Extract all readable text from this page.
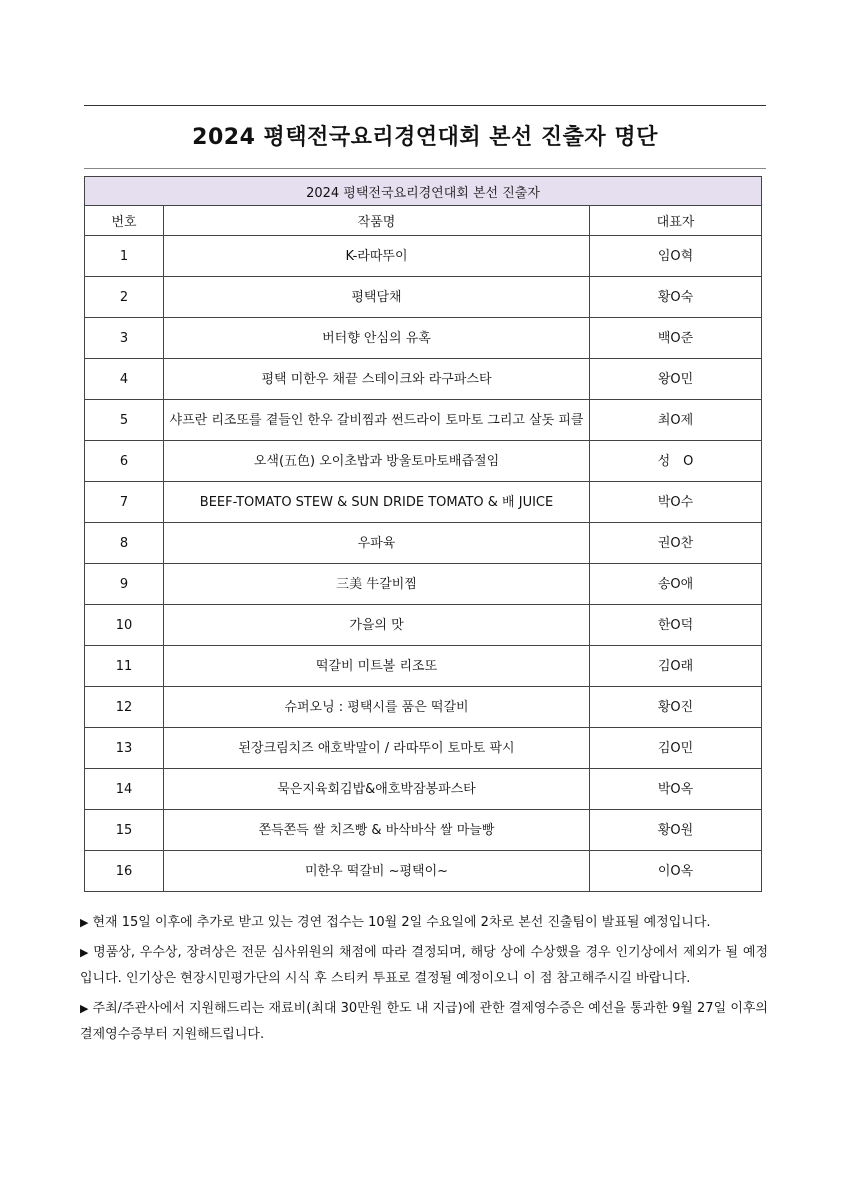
2024 평택전국요리경연대회 본선 진출자 명단
2024 평택전국요리경연대회 본선 진출자		
번호	작품명	대표자
1	K-라따뚜이	임O혁
2	평택담채	황O숙
3	버터향 안심의 유혹	백O준
4	평택 미한우 채끝 스테이크와 라구파스타	왕O민
5	샤프란 리조또를 곁들인 한우 갈비찜과 썬드라이 토마토 그리고 살돗 피클	최O제
6	오색(五色) 오이초밥과 방울토마토배즙절임	성　O
7	BEEF-TOMATO STEW & SUN DRIDE TOMATO & 배 JUICE	박O수
8	우파육	권O찬
9	三美 牛갈비찜	송O애
10	가을의 맛	한O덕
11	떡갈비 미트볼 리조또	김O래
12	슈퍼오닝 : 평택시를 품은 떡갈비	황O진
13	된장크림치즈 애호박말이 / 라따뚜이 토마토 팍시	김O민
14	묵은지육회김밥&애호박잠봉파스타	박O옥
15	쫀득쫀득 쌀 치즈빵 & 바삭바삭 쌀 마늘빵	황O원
16	미한우 떡갈비 ~평택이~	이O옥

▶ 현재 15일 이후에 추가로 받고 있는 경연 접수는 10월 2일 수요일에 2차로 본선 진출팀이 발표될 예정입니다.

▶ 명품상, 우수상, 장려상은 전문 심사위원의 채점에 따라 결정되며, 해당 상에 수상했을 경우 인기상에서 제외가 될 예정입니다. 인기상은 현장시민평가단의 시식 후 스티커 투표로 결정될 예정이오니 이 점 참고해주시길 바랍니다.

▶ 주최/주관사에서 지원해드리는 재료비(최대 30만원 한도 내 지급)에 관한 결제영수증은 예선을 통과한 9월 27일 이후의 결제영수증부터 지원해드립니다.
